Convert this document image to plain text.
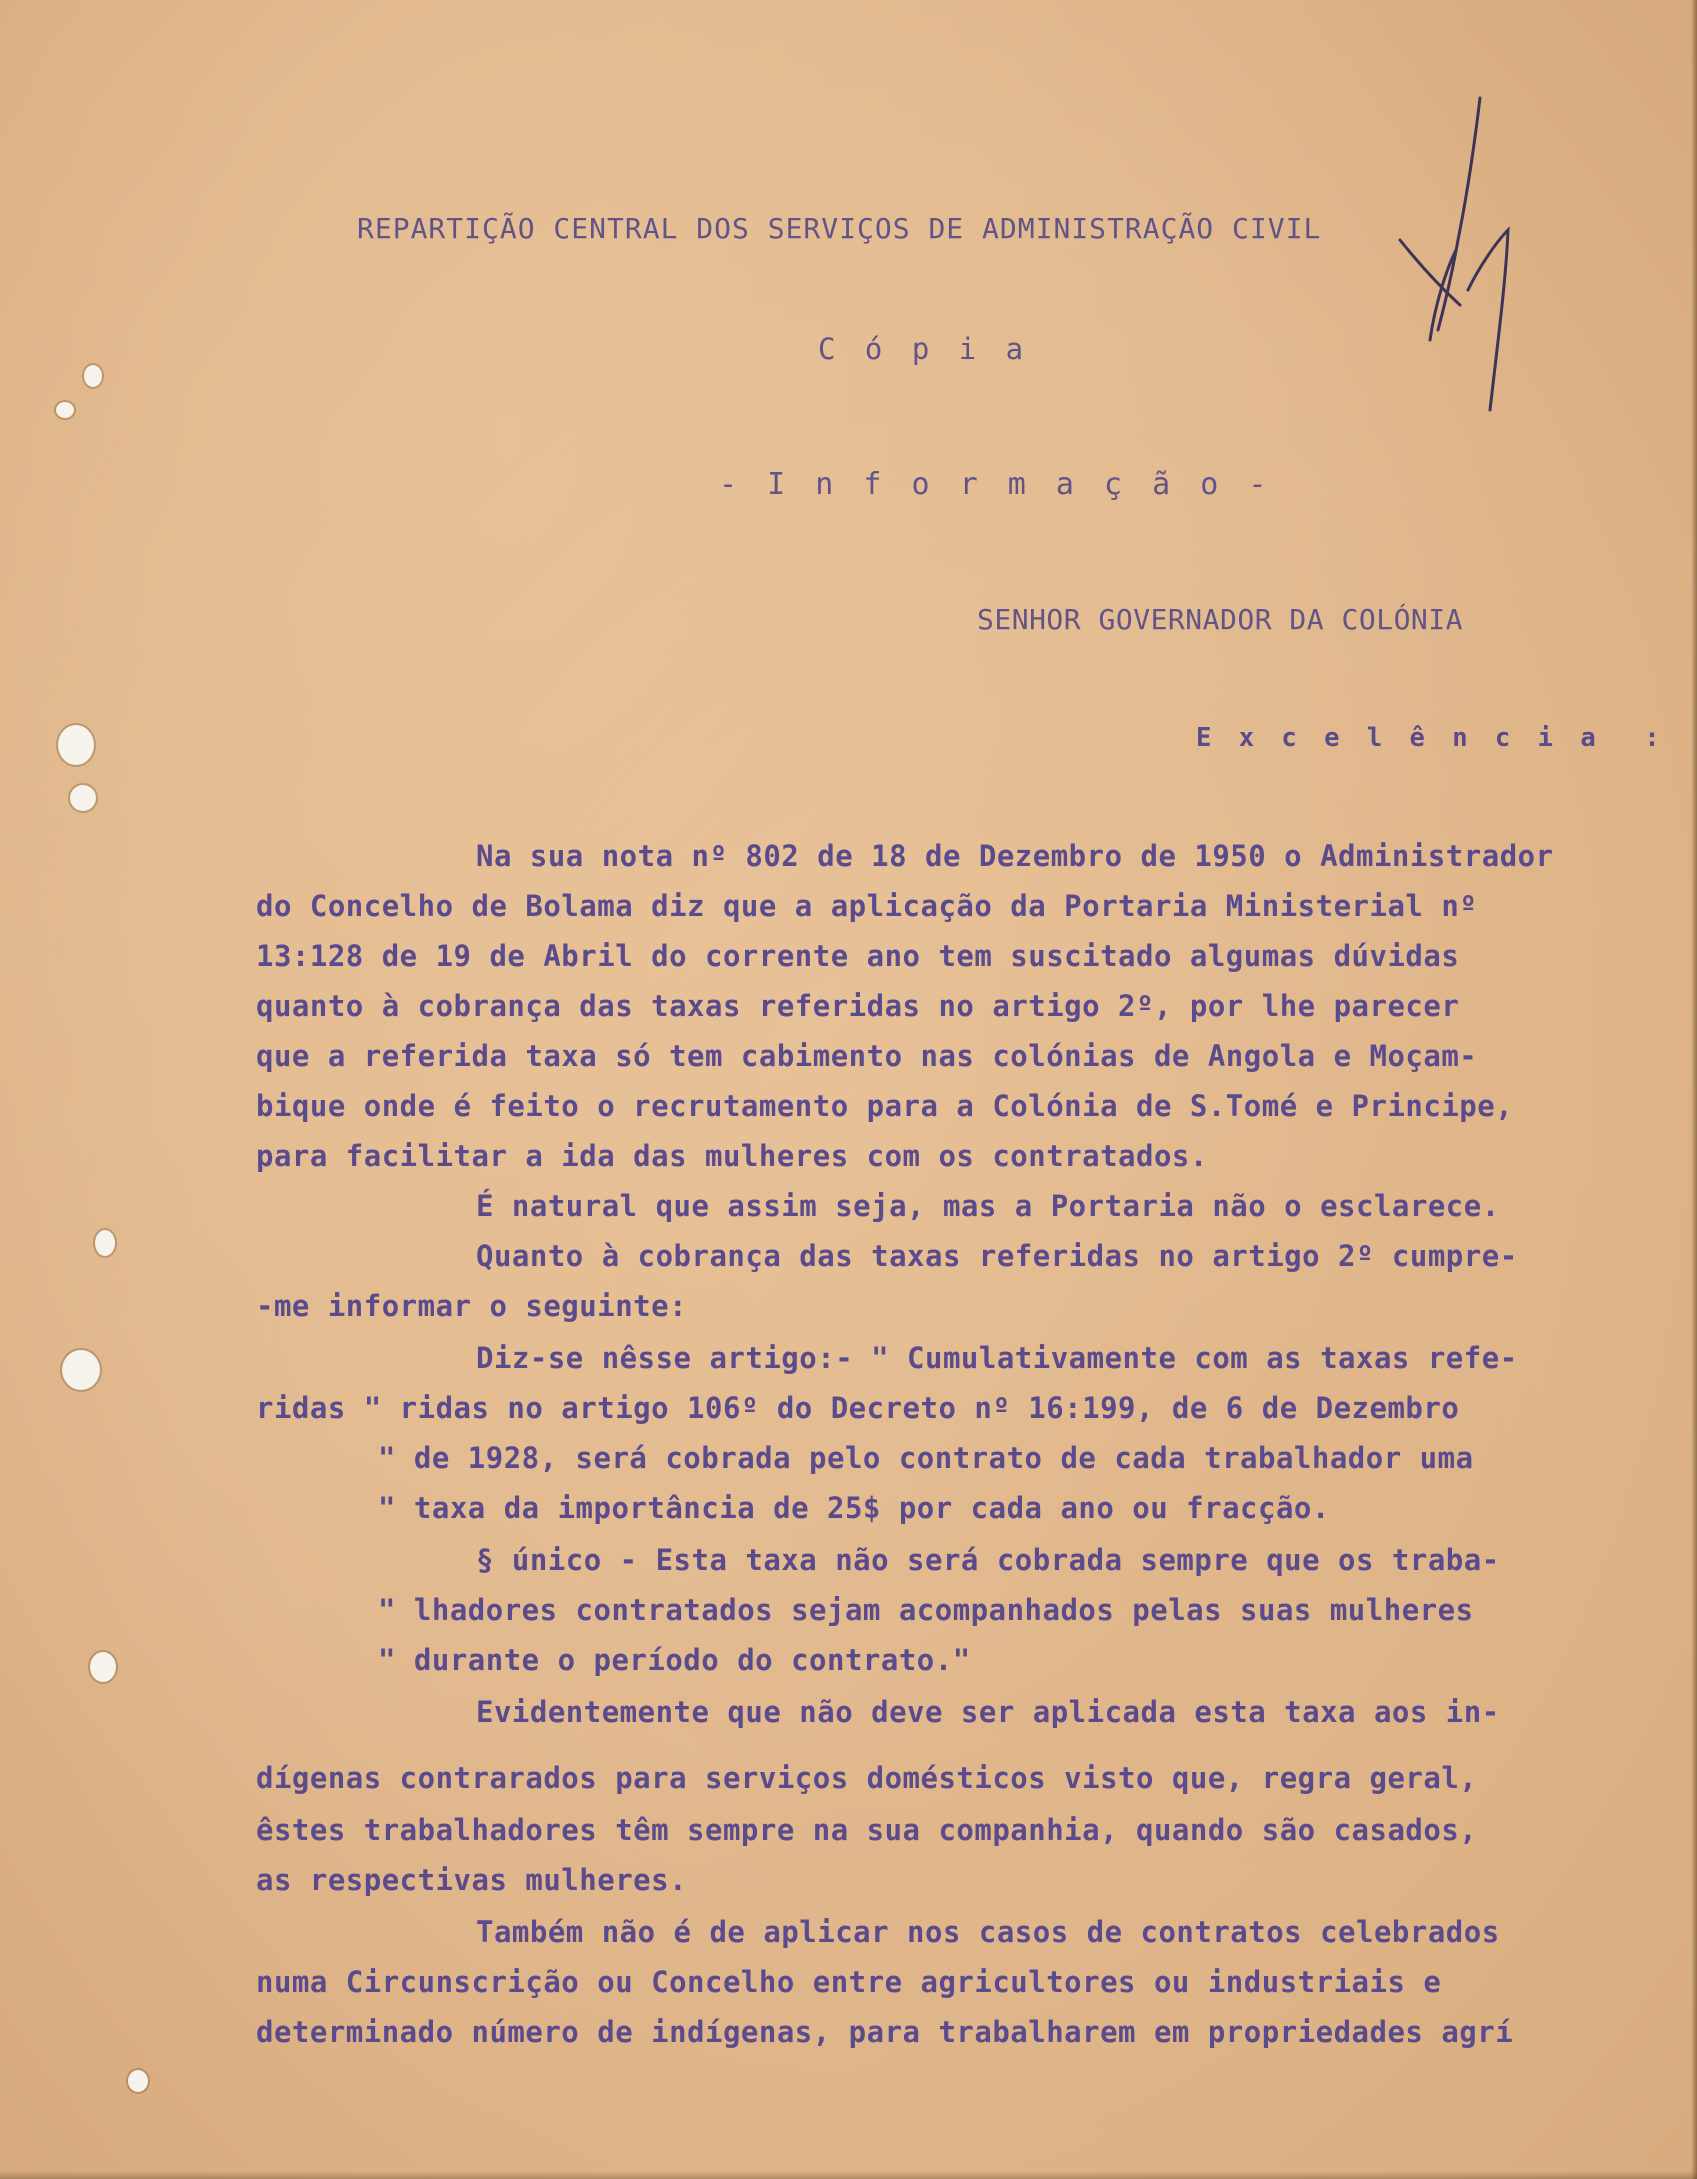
REPARTIÇÃO CENTRAL DOS SERVIÇOS DE ADMINISTRAÇÃO CIVIL
C ó p i a
- I n f o r m a ç ã o -
SENHOR GOVERNADOR DA COLÓNIA
E x c e l ê n c i a  :
Na sua nota nº 802 de 18 de Dezembro de 1950 o Administrador
do Concelho de Bolama diz que a aplicação da Portaria Ministerial nº
13:128 de 19 de Abril do corrente ano tem suscitado algumas dúvidas
quanto à cobrança das taxas referidas no artigo 2º, por lhe parecer
que a referida taxa só tem cabimento nas colónias de Angola e Moçam-
bique onde é feito o recrutamento para a Colónia de S.Tomé e Principe,
para facilitar a ida das mulheres com os contratados.
É natural que assim seja, mas a Portaria não o esclarece.
Quanto à cobrança das taxas referidas no artigo 2º cumpre-
-me informar o seguinte:
Diz-se nêsse artigo:- " Cumulativamente com as taxas refe-
ridas " ridas no artigo 106º do Decreto nº 16:199, de 6 de Dezembro
" de 1928, será cobrada pelo contrato de cada trabalhador uma
" taxa da importância de 25$ por cada ano ou fracção.
§ único - Esta taxa não será cobrada sempre que os traba-
" lhadores contratados sejam acompanhados pelas suas mulheres
" durante o período do contrato."
Evidentemente que não deve ser aplicada esta taxa aos in-
dígenas contrarados para serviços domésticos visto que, regra geral,
êstes trabalhadores têm sempre na sua companhia, quando são casados,
as respectivas mulheres.
Também não é de aplicar nos casos de contratos celebrados
numa Circunscrição ou Concelho entre agricultores ou industriais e
determinado número de indígenas, para trabalharem em propriedades agrí
